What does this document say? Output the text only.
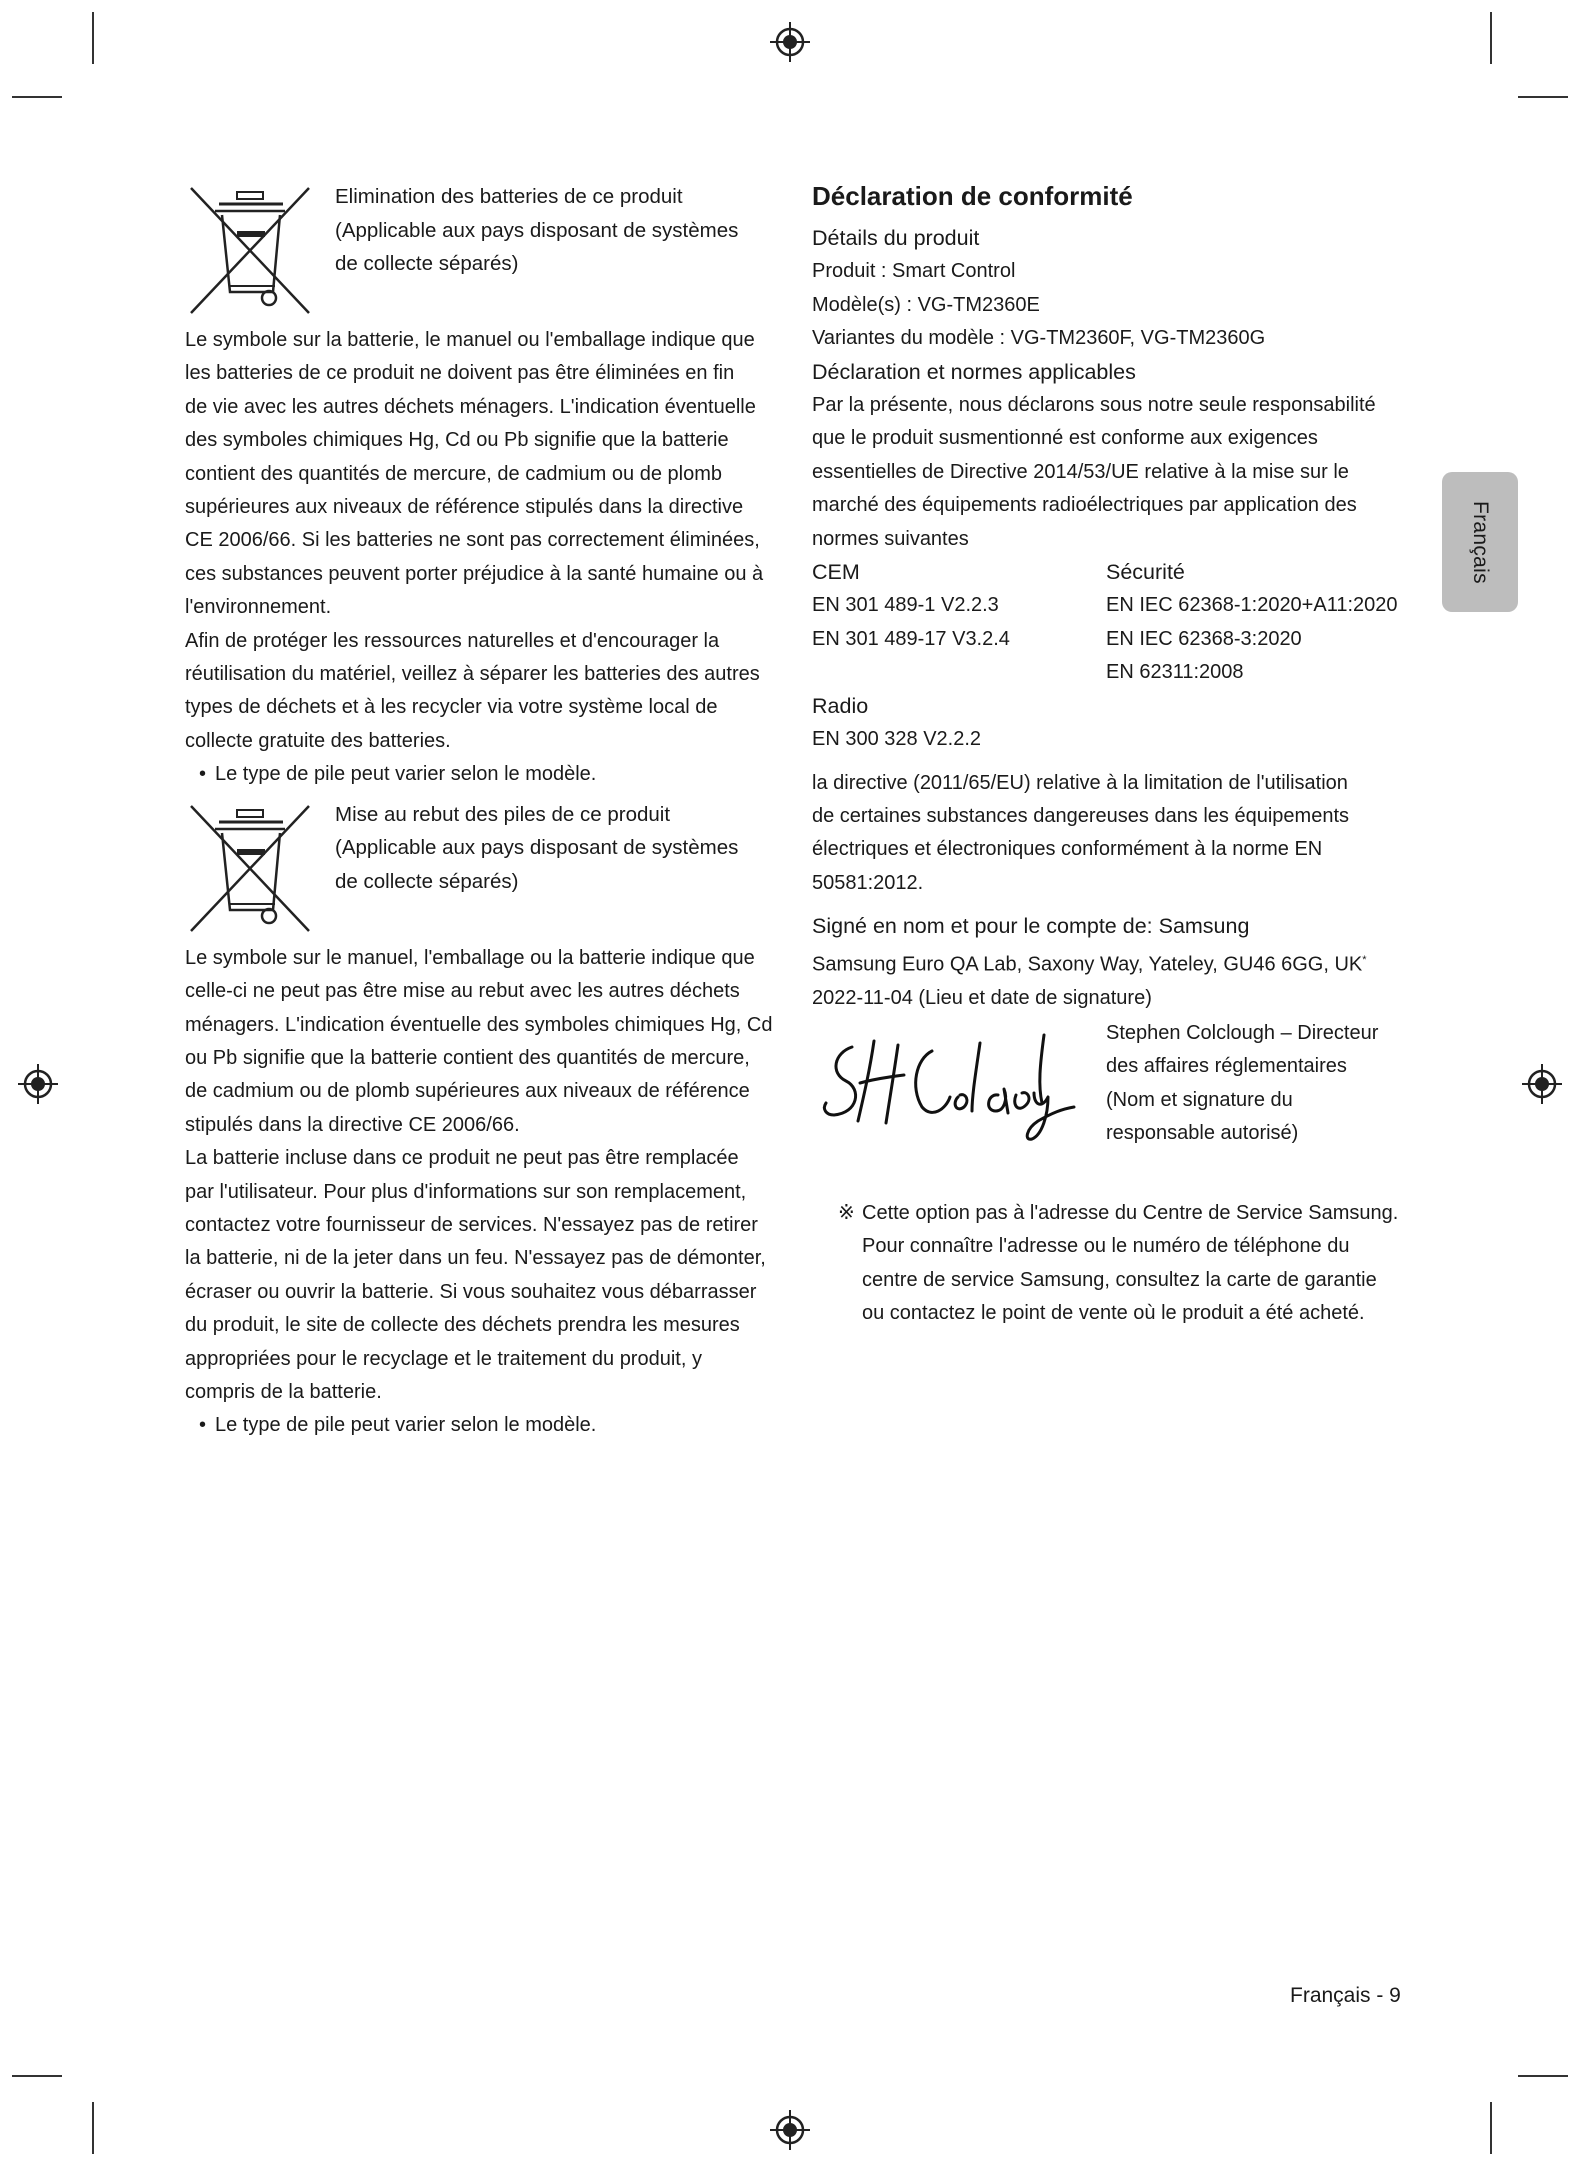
Français
Elimination des batteries de ce produit
(Applicable aux pays disposant de systèmes
de collecte séparés)

Le symbole sur la batterie, le manuel ou l'emballage indique que
les batteries de ce produit ne doivent pas être éliminées en fin
de vie avec les autres déchets ménagers. L'indication éventuelle
des symboles chimiques Hg, Cd ou Pb signifie que la batterie
contient des quantités de mercure, de cadmium ou de plomb
supérieures aux niveaux de référence stipulés dans la directive
CE 2006/66. Si les batteries ne sont pas correctement éliminées,
ces substances peuvent porter préjudice à la santé humaine ou à
l'environnement.

Afin de protéger les ressources naturelles et d'encourager la
réutilisation du matériel, veillez à séparer les batteries des autres
types de déchets et à les recycler via votre système local de
collecte gratuite des batteries.

• Le type de pile peut varier selon le modèle.
Mise au rebut des piles de ce produit
(Applicable aux pays disposant de systèmes
de collecte séparés)

Le symbole sur le manuel, l'emballage ou la batterie indique que
celle-ci ne peut pas être mise au rebut avec les autres déchets
ménagers. L'indication éventuelle des symboles chimiques Hg, Cd
ou Pb signifie que la batterie contient des quantités de mercure,
de cadmium ou de plomb supérieures aux niveaux de référence
stipulés dans la directive CE 2006/66.

La batterie incluse dans ce produit ne peut pas être remplacée
par l'utilisateur. Pour plus d'informations sur son remplacement,
contactez votre fournisseur de services. N'essayez pas de retirer
la batterie, ni de la jeter dans un feu. N'essayez pas de démonter,
écraser ou ouvrir la batterie. Si vous souhaitez vous débarrasser
du produit, le site de collecte des déchets prendra les mesures
appropriées pour le recyclage et le traitement du produit, y
compris de la batterie.

• Le type de pile peut varier selon le modèle.
Déclaration de conformité
Détails du produit
Produit : Smart Control
Modèle(s) : VG-TM2360E
Variantes du modèle : VG-TM2360F, VG-TM2360G
Déclaration et normes applicables
Par la présente, nous déclarons sous notre seule responsabilité
que le produit susmentionné est conforme aux exigences
essentielles de Directive 2014/53/UE relative à la mise sur le
marché des équipements radioélectriques par application des
normes suivantes
CEM
EN 301 489-1 V2.2.3
EN 301 489-17 V3.2.4
Sécurité
EN IEC 62368-1:2020+A11:2020
EN IEC 62368-3:2020
EN 62311:2008
Radio
EN 300 328 V2.2.2
la directive (2011/65/EU) relative à la limitation de l'utilisation
de certaines substances dangereuses dans les équipements
électriques et électroniques conformément à la norme EN
50581:2012.
Signé en nom et pour le compte de: Samsung
Samsung Euro QA Lab, Saxony Way, Yateley, GU46 6GG, UK*
2022-11-04 (Lieu et date de signature)
Stephen Colclough – Directeur
des affaires réglementaires
(Nom et signature du
responsable autorisé)
※ Cette option pas à l'adresse du Centre de Service Samsung.
Pour connaître l'adresse ou le numéro de téléphone du
centre de service Samsung, consultez la carte de garantie
ou contactez le point de vente où le produit a été acheté.
Français - 9
